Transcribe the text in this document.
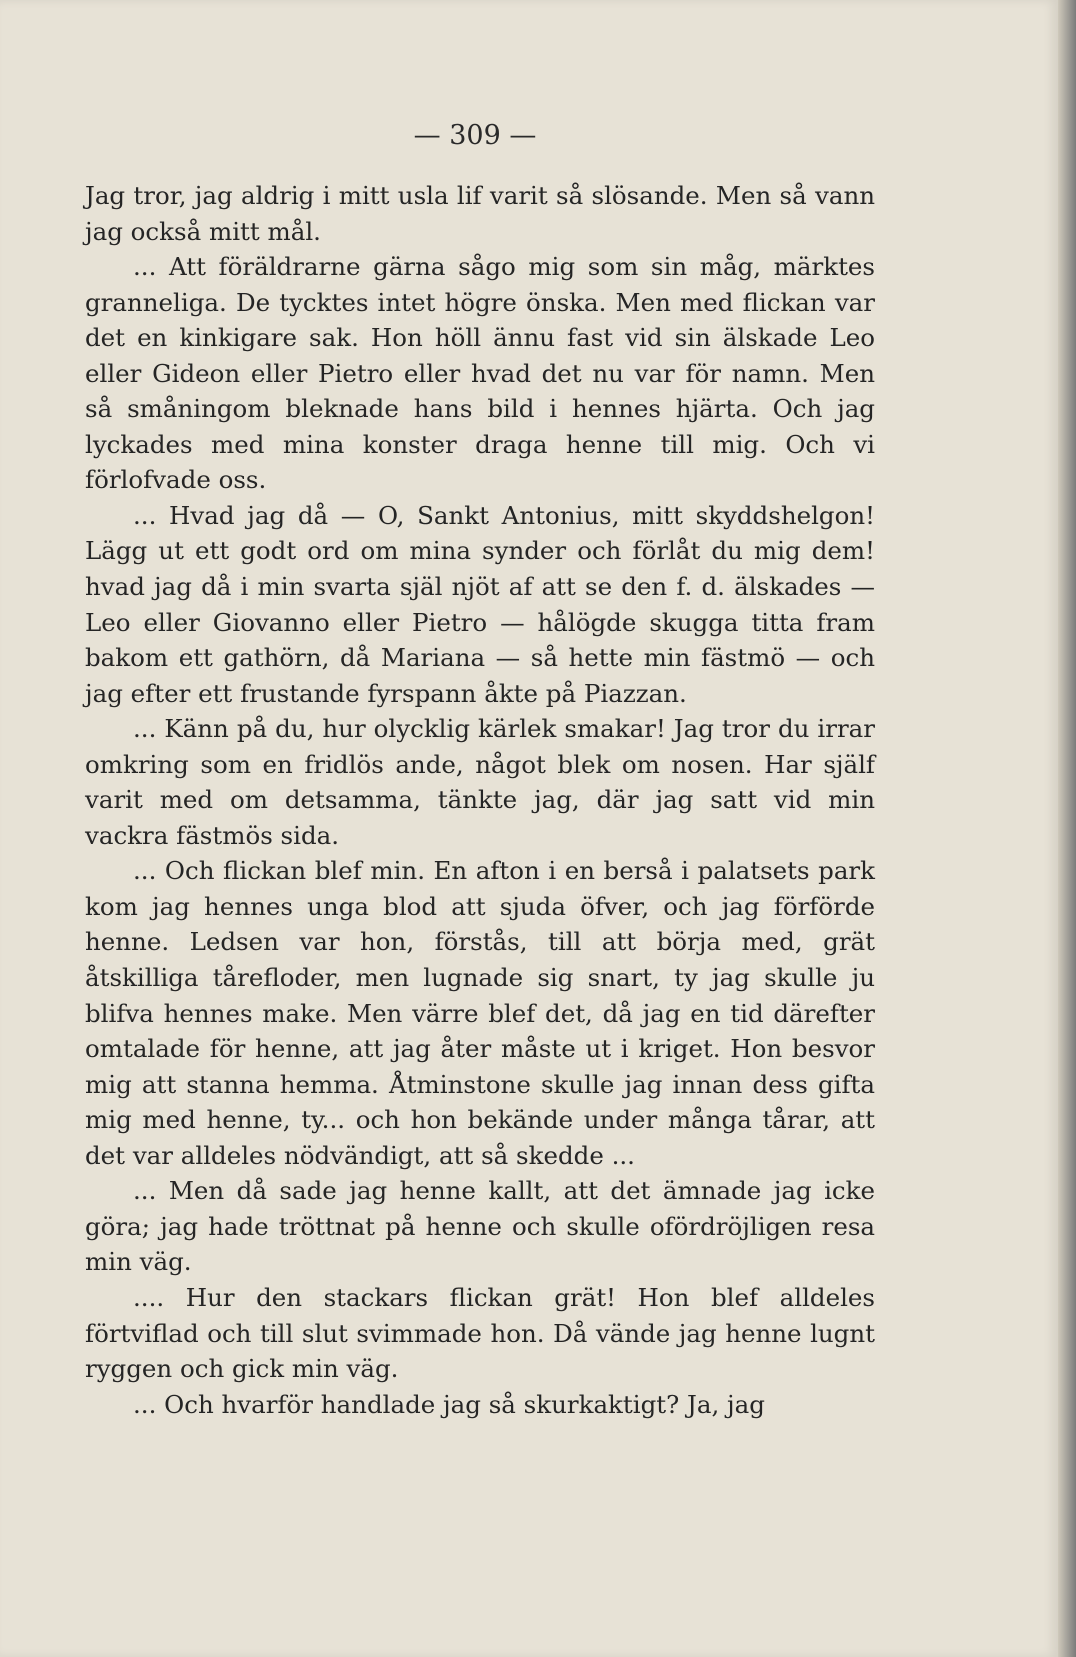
— 309 —

Jag tror, jag aldrig i mitt usla lif varit så slösande. Men så vann jag också mitt mål.

... Att föräldrarne gärna sågo mig som sin måg, märktes granneliga. De tycktes intet högre önska. Men med flickan var det en kinkigare sak. Hon höll ännu fast vid sin älskade Leo eller Gideon eller Pietro eller hvad det nu var för namn. Men så småningom bleknade hans bild i hennes hjärta. Och jag lyckades med mina konster draga henne till mig. Och vi förlofvade oss.

... Hvad jag då — O, Sankt Antonius, mitt skyddshelgon! Lägg ut ett godt ord om mina synder och förlåt du mig dem! hvad jag då i min svarta själ njöt af att se den f. d. älskades — Leo eller Giovanno eller Pietro — hålögde skugga titta fram bakom ett gathörn, då Mariana — så hette min fästmö — och jag efter ett frustande fyrspann åkte på Piazzan.

... Känn på du, hur olycklig kärlek smakar! Jag tror du irrar omkring som en fridlös ande, något blek om nosen. Har själf varit med om detsamma, tänkte jag, där jag satt vid min vackra fästmös sida.

... Och flickan blef min. En afton i en berså i palatsets park kom jag hennes unga blod att sjuda öfver, och jag förförde henne. Ledsen var hon, förstås, till att börja med, grät åtskilliga tårefloder, men lugnade sig snart, ty jag skulle ju blifva hennes make. Men värre blef det, då jag en tid därefter omtalade för henne, att jag åter måste ut i kriget. Hon besvor mig att stanna hemma. Åtminstone skulle jag innan dess gifta mig med henne, ty... och hon bekände under många tårar, att det var alldeles nödvändigt, att så skedde ...

... Men då sade jag henne kallt, att det ämnade jag icke göra; jag hade tröttnat på henne och skulle ofördröjligen resa min väg.

.... Hur den stackars flickan grät! Hon blef alldeles förtviflad och till slut svimmade hon. Då vände jag henne lugnt ryggen och gick min väg.

... Och hvarför handlade jag så skurkaktigt? Ja, jag
